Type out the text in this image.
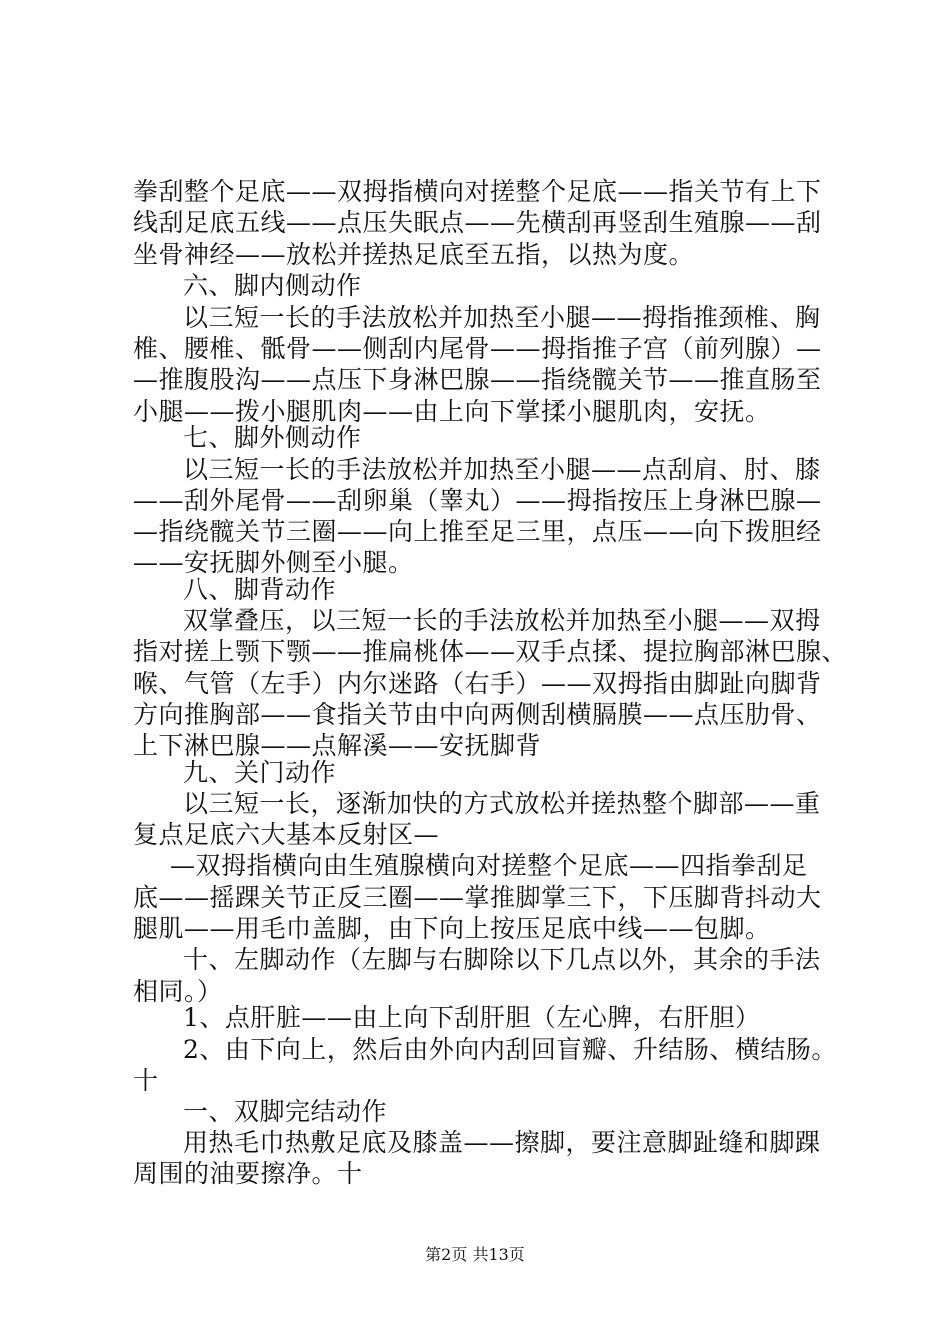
拳刮整个足底——双拇指横向对搓整个足底——指关节有上下
线刮足底五线——点压失眠点——先横刮再竖刮生殖腺——刮
坐骨神经——放松并搓热足底至五指，以热为度。
六、脚内侧动作
以三短一长的手法放松并加热至小腿——拇指推颈椎、胸
椎、腰椎、骶骨——侧刮内尾骨——拇指推子宫（前列腺）—
—推腹股沟——点压下身淋巴腺——指绕髋关节——推直肠至
小腿——拨小腿肌肉——由上向下掌揉小腿肌肉，安抚。
七、脚外侧动作
以三短一长的手法放松并加热至小腿——点刮肩、肘、膝
——刮外尾骨——刮卵巢（睾丸）——拇指按压上身淋巴腺—
—指绕髋关节三圈——向上推至足三里，点压——向下拨胆经
——安抚脚外侧至小腿。
八、脚背动作
双掌叠压，以三短一长的手法放松并加热至小腿——双拇
指对搓上颚下颚——推扁桃体——双手点揉、提拉胸部淋巴腺、
喉、气管（左手）内尔迷路（右手）——双拇指由脚趾向脚背
方向推胸部——食指关节由中向两侧刮横膈膜——点压肋骨、
上下淋巴腺——点解溪——安抚脚背
九、关门动作
以三短一长，逐渐加快的方式放松并搓热整个脚部——重
复点足底六大基本反射区—
—双拇指横向由生殖腺横向对搓整个足底——四指拳刮足
底——摇踝关节正反三圈——掌推脚掌三下，下压脚背抖动大
腿肌——用毛巾盖脚，由下向上按压足底中线——包脚。
十、左脚动作（左脚与右脚除以下几点以外，其余的手法
相同。）
1、点肝脏——由上向下刮肝胆（左心脾，右肝胆）
2、由下向上，然后由外向内刮回盲瓣、升结肠、横结肠。
十
一、双脚完结动作
用热毛巾热敷足底及膝盖——擦脚，要注意脚趾缝和脚踝
周围的油要擦净。十
第2页 共13页
